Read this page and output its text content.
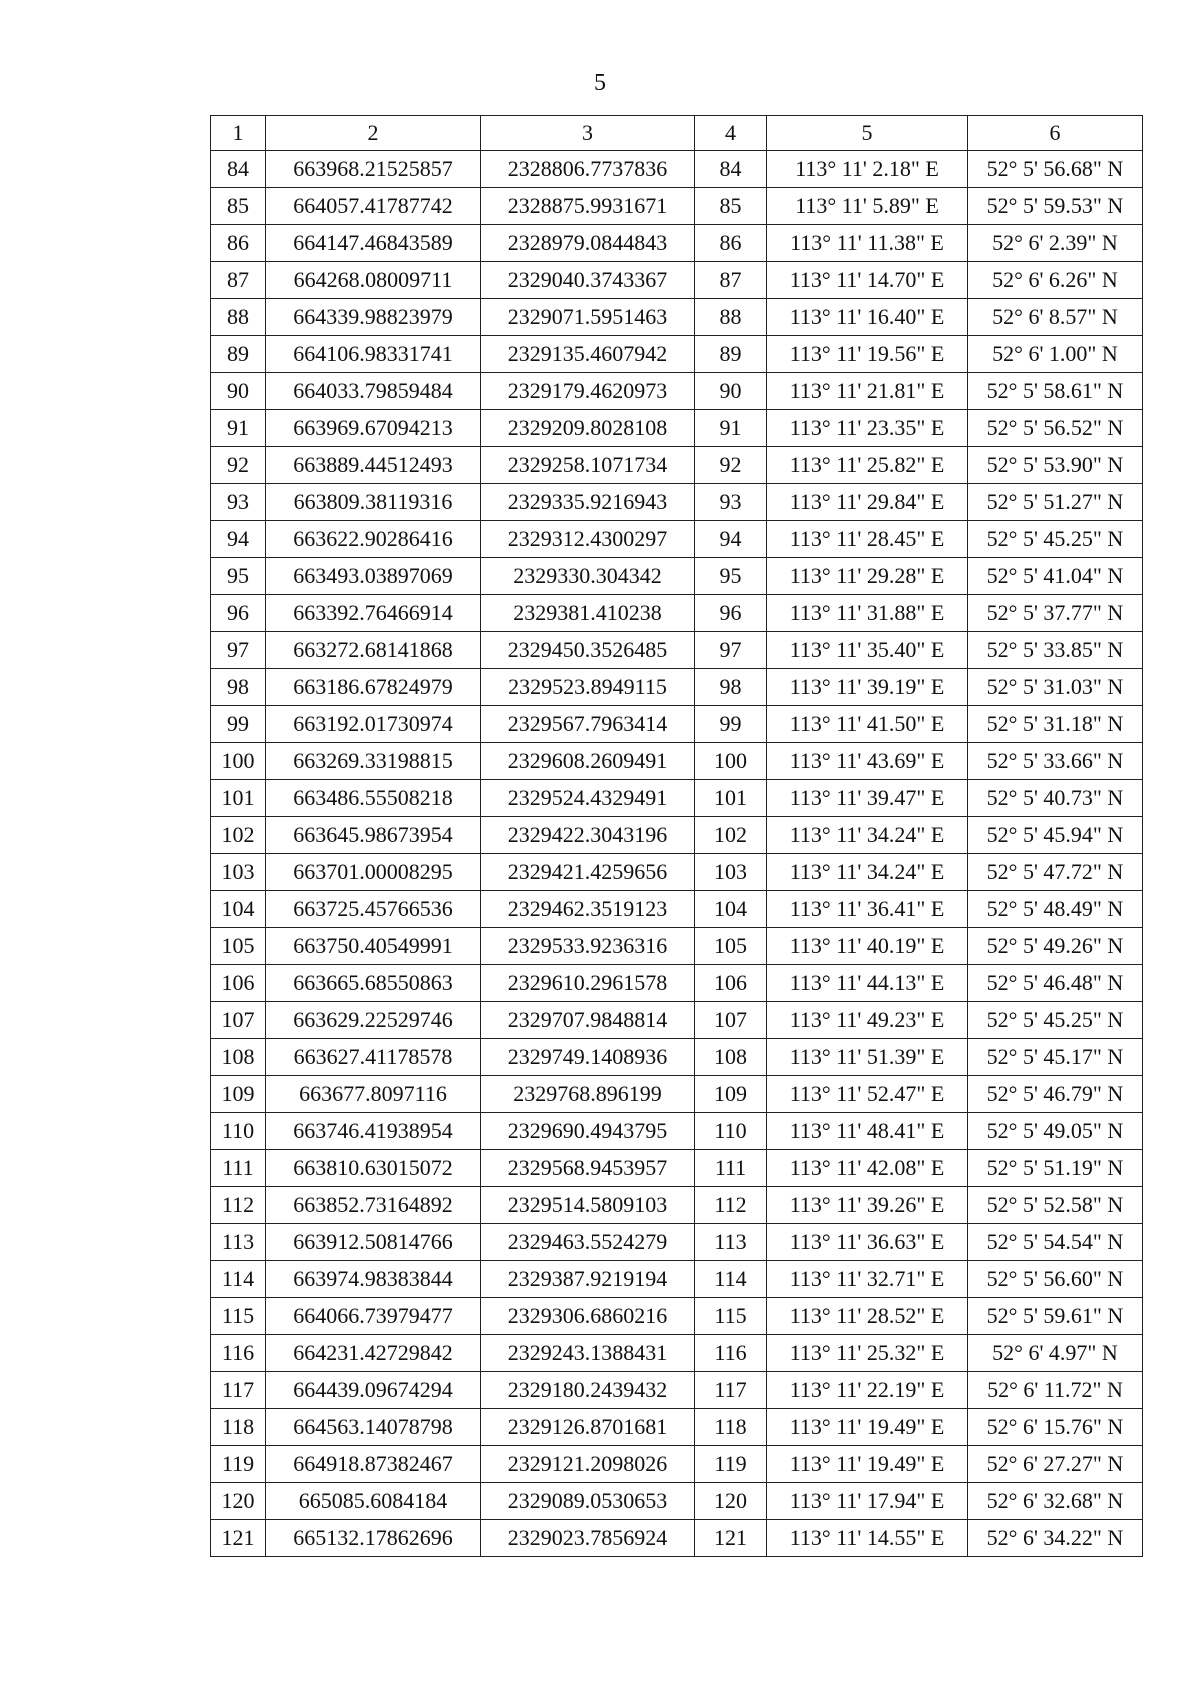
5
1	2	3	4	5	6
84	663968.21525857	2328806.7737836	84	113° 11' 2.18" E	52° 5' 56.68" N
85	664057.41787742	2328875.9931671	85	113° 11' 5.89" E	52° 5' 59.53" N
86	664147.46843589	2328979.0844843	86	113° 11' 11.38" E	52° 6' 2.39" N
87	664268.08009711	2329040.3743367	87	113° 11' 14.70" E	52° 6' 6.26" N
88	664339.98823979	2329071.5951463	88	113° 11' 16.40" E	52° 6' 8.57" N
89	664106.98331741	2329135.4607942	89	113° 11' 19.56" E	52° 6' 1.00" N
90	664033.79859484	2329179.4620973	90	113° 11' 21.81" E	52° 5' 58.61" N
91	663969.67094213	2329209.8028108	91	113° 11' 23.35" E	52° 5' 56.52" N
92	663889.44512493	2329258.1071734	92	113° 11' 25.82" E	52° 5' 53.90" N
93	663809.38119316	2329335.9216943	93	113° 11' 29.84" E	52° 5' 51.27" N
94	663622.90286416	2329312.4300297	94	113° 11' 28.45" E	52° 5' 45.25" N
95	663493.03897069	2329330.304342	95	113° 11' 29.28" E	52° 5' 41.04" N
96	663392.76466914	2329381.410238	96	113° 11' 31.88" E	52° 5' 37.77" N
97	663272.68141868	2329450.3526485	97	113° 11' 35.40" E	52° 5' 33.85" N
98	663186.67824979	2329523.8949115	98	113° 11' 39.19" E	52° 5' 31.03" N
99	663192.01730974	2329567.7963414	99	113° 11' 41.50" E	52° 5' 31.18" N
100	663269.33198815	2329608.2609491	100	113° 11' 43.69" E	52° 5' 33.66" N
101	663486.55508218	2329524.4329491	101	113° 11' 39.47" E	52° 5' 40.73" N
102	663645.98673954	2329422.3043196	102	113° 11' 34.24" E	52° 5' 45.94" N
103	663701.00008295	2329421.4259656	103	113° 11' 34.24" E	52° 5' 47.72" N
104	663725.45766536	2329462.3519123	104	113° 11' 36.41" E	52° 5' 48.49" N
105	663750.40549991	2329533.9236316	105	113° 11' 40.19" E	52° 5' 49.26" N
106	663665.68550863	2329610.2961578	106	113° 11' 44.13" E	52° 5' 46.48" N
107	663629.22529746	2329707.9848814	107	113° 11' 49.23" E	52° 5' 45.25" N
108	663627.41178578	2329749.1408936	108	113° 11' 51.39" E	52° 5' 45.17" N
109	663677.8097116	2329768.896199	109	113° 11' 52.47" E	52° 5' 46.79" N
110	663746.41938954	2329690.4943795	110	113° 11' 48.41" E	52° 5' 49.05" N
111	663810.63015072	2329568.9453957	111	113° 11' 42.08" E	52° 5' 51.19" N
112	663852.73164892	2329514.5809103	112	113° 11' 39.26" E	52° 5' 52.58" N
113	663912.50814766	2329463.5524279	113	113° 11' 36.63" E	52° 5' 54.54" N
114	663974.98383844	2329387.9219194	114	113° 11' 32.71" E	52° 5' 56.60" N
115	664066.73979477	2329306.6860216	115	113° 11' 28.52" E	52° 5' 59.61" N
116	664231.42729842	2329243.1388431	116	113° 11' 25.32" E	52° 6' 4.97" N
117	664439.09674294	2329180.2439432	117	113° 11' 22.19" E	52° 6' 11.72" N
118	664563.14078798	2329126.8701681	118	113° 11' 19.49" E	52° 6' 15.76" N
119	664918.87382467	2329121.2098026	119	113° 11' 19.49" E	52° 6' 27.27" N
120	665085.6084184	2329089.0530653	120	113° 11' 17.94" E	52° 6' 32.68" N
121	665132.17862696	2329023.7856924	121	113° 11' 14.55" E	52° 6' 34.22" N
